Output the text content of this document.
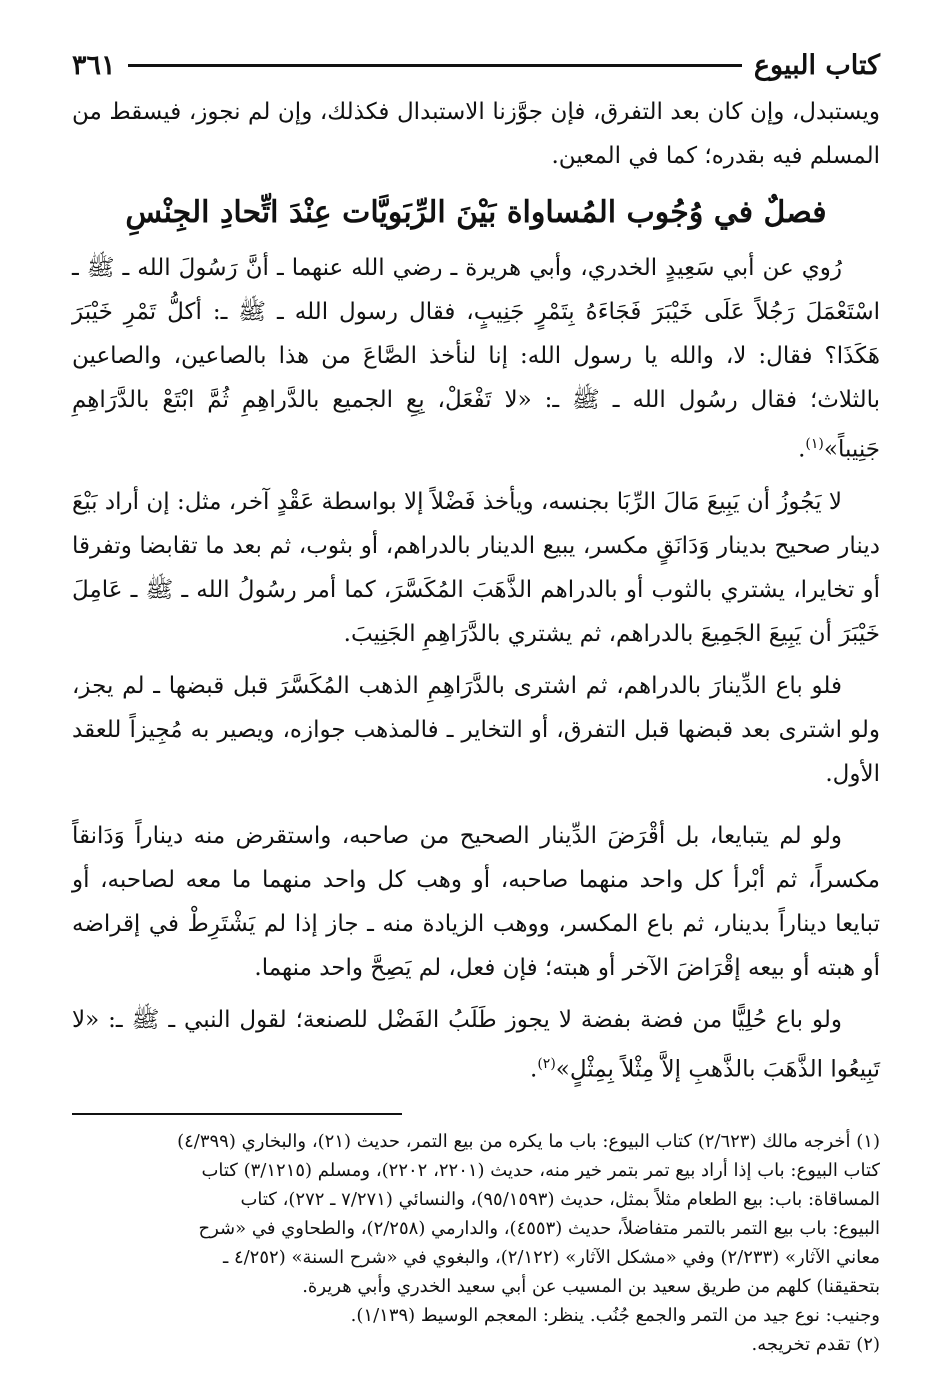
كتاب البيوع
٣٦١

ويستبدل، وإن كان بعد التفرق، فإن جوَّزنا الاستبدال فكذلك، وإن لم نجوز، فيسقط من المسلم فيه بقدره؛ كما في المعين.

فصلٌ في وُجُوب المُساواة بَيْنَ الرِّبَويَّات عِنْدَ اتِّحادِ الجِنْسِ

رُوي عن أبي سَعِيدٍ الخدري، وأبي هريرة ـ رضي الله عنهما ـ أنَّ رَسُولَ الله ـ ﷺ ـ اسْتَعْمَلَ رَجُلاً عَلَى خَيْبَرَ فَجَاءَهُ بِتَمْرٍ جَنِيبٍ، فقال رسول الله ـ ﷺ ـ: أكلُّ تَمْرِ خَيْبَرَ هَكَذَا؟ فقال: لا، والله يا رسول الله: إنا لنأخذ الصَّاعَ من هذا بالصاعين، والصاعين بالثلاث؛ فقال رسُول الله ـ ﷺ ـ: «لا تَفْعَلْ، بِعِ الجميع بالدَّراهِمِ ثُمَّ ابْتَعْ بالدَّرَاهِمِ جَنِيباً»$^{(١)}$.

لا يَجُوزُ أن يَبِيعَ مَالَ الرِّبَا بجنسه، ويأخذ فَضْلاً إلا بواسطة عَقْدٍ آخر، مثل: إن أراد بَيْعَ دينار صحيح بدينار وَدَانَقٍ مكسر، يبيع الدينار بالدراهم، أو بثوب، ثم بعد ما تقابضا وتفرقا أو تخايرا، يشتري بالثوب أو بالدراهم الذَّهَبَ المُكَسَّرَ، كما أمر رسُولُ الله ـ ﷺ ـ عَامِلَ خَيْبَرَ أن يَبِيعَ الجَمِيعَ بالدراهم، ثم يشتري بالدَّرَاهِمِ الجَنِيبَ.

فلو باع الدِّينارَ بالدراهم، ثم اشترى بالدَّرَاهِمِ الذهب المُكَسَّرَ قبل قبضها ـ لم يجز، ولو اشترى بعد قبضها قبل التفرق، أو التخاير ـ فالمذهب جوازه، ويصير به مُجِيزاً للعقد الأول.

ولو لم يتبايعا، بل أقْرَضَ الدِّينار الصحيح من صاحبه، واستقرض منه ديناراً وَدَانقاً مكسراً، ثم أبْرأ كل واحد منهما صاحبه، أو وهب كل واحد منهما ما معه لصاحبه، أو تبايعا ديناراً بدينار، ثم باع المكسر، ووهب الزيادة منه ـ جاز إذا لم يَشْتَرِطْ في إقراضه أو هبته أو بيعه إقْرَاضَ الآخر أو هبته؛ فإن فعل، لم يَصِحَّ واحد منهما.

ولو باع حُلِيًّا من فضة بفضة لا يجوز طَلَبُ الفَضْل للصنعة؛ لقول النبي ـ ﷺ ـ: «لا تَبِيعُوا الذَّهَبَ بالذَّهبِ إلاَّ مِثْلاً بِمِثْلٍ»$^{(٢)}$.

(١) أخرجه مالك (٢/٦٢٣) كتاب البيوع: باب ما يكره من بيع التمر، حديث (٢١)، والبخاري (٤/٣٩٩)

كتاب البيوع: باب إذا أراد بيع تمر بتمر خير منه، حديث (٢٢٠١، ٢٢٠٢)، ومسلم (٣/١٢١٥) كتاب

المساقاة: باب: بيع الطعام مثلاً بمثل، حديث (٩٥/١٥٩٣)، والنسائي (٧/٢٧١ ـ ٢٧٢)، كتاب

البيوع: باب بيع التمر بالتمر متفاضلاً، حديث (٤٥٥٣)، والدارمي (٢/٢٥٨)، والطحاوي في «شرح

معاني الآثار» (٢/٢٣٣) وفي «مشكل الآثار» (٢/١٢٢)، والبغوي في «شرح السنة» (٤/٢٥٢ ـ

بتحقيقنا) كلهم من طريق سعيد بن المسيب عن أبي سعيد الخدري وأبي هريرة.

وجنيب: نوع جيد من التمر والجمع جُنُب. ينظر: المعجم الوسيط (١/١٣٩).

(٢) تقدم تخريجه.
